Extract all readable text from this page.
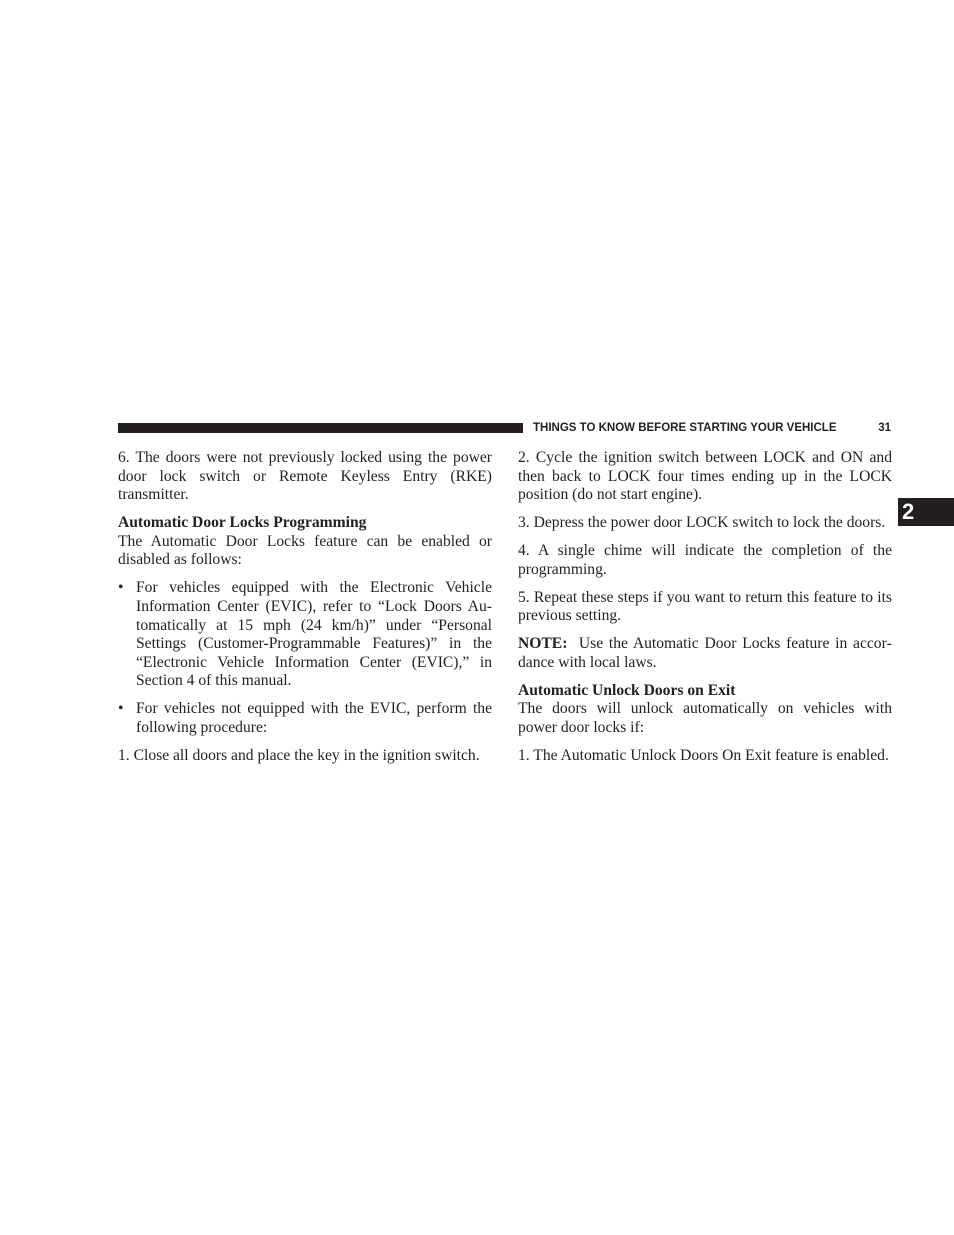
THINGS TO KNOW BEFORE STARTING YOUR VEHICLE	31
2

6. The doors were not previously locked using the power door lock switch or Remote Keyless Entry (RKE) transmitter.

Automatic Door Locks Programming

The Automatic Door Locks feature can be enabled or disabled as follows:

• For vehicles equipped with the Electronic Vehicle Information Center (EVIC), refer to “Lock Doors Automatically at 15 mph (24 km/h)” under “Personal Settings (Customer-Programmable Features)” in the “Electronic Vehicle Information Center (EVIC),” in Section 4 of this manual.
• For vehicles not equipped with the EVIC, perform the following procedure:

1. Close all doors and place the key in the ignition switch.

2. Cycle the ignition switch between LOCK and ON and then back to LOCK four times ending up in the LOCK position (do not start engine).

3. Depress the power door LOCK switch to lock the doors.

4. A single chime will indicate the completion of the programming.

5. Repeat these steps if you want to return this feature to its previous setting.

NOTE: Use the Automatic Door Locks feature in accordance with local laws.

Automatic Unlock Doors on Exit

The doors will unlock automatically on vehicles with power door locks if:

1. The Automatic Unlock Doors On Exit feature is enabled.
